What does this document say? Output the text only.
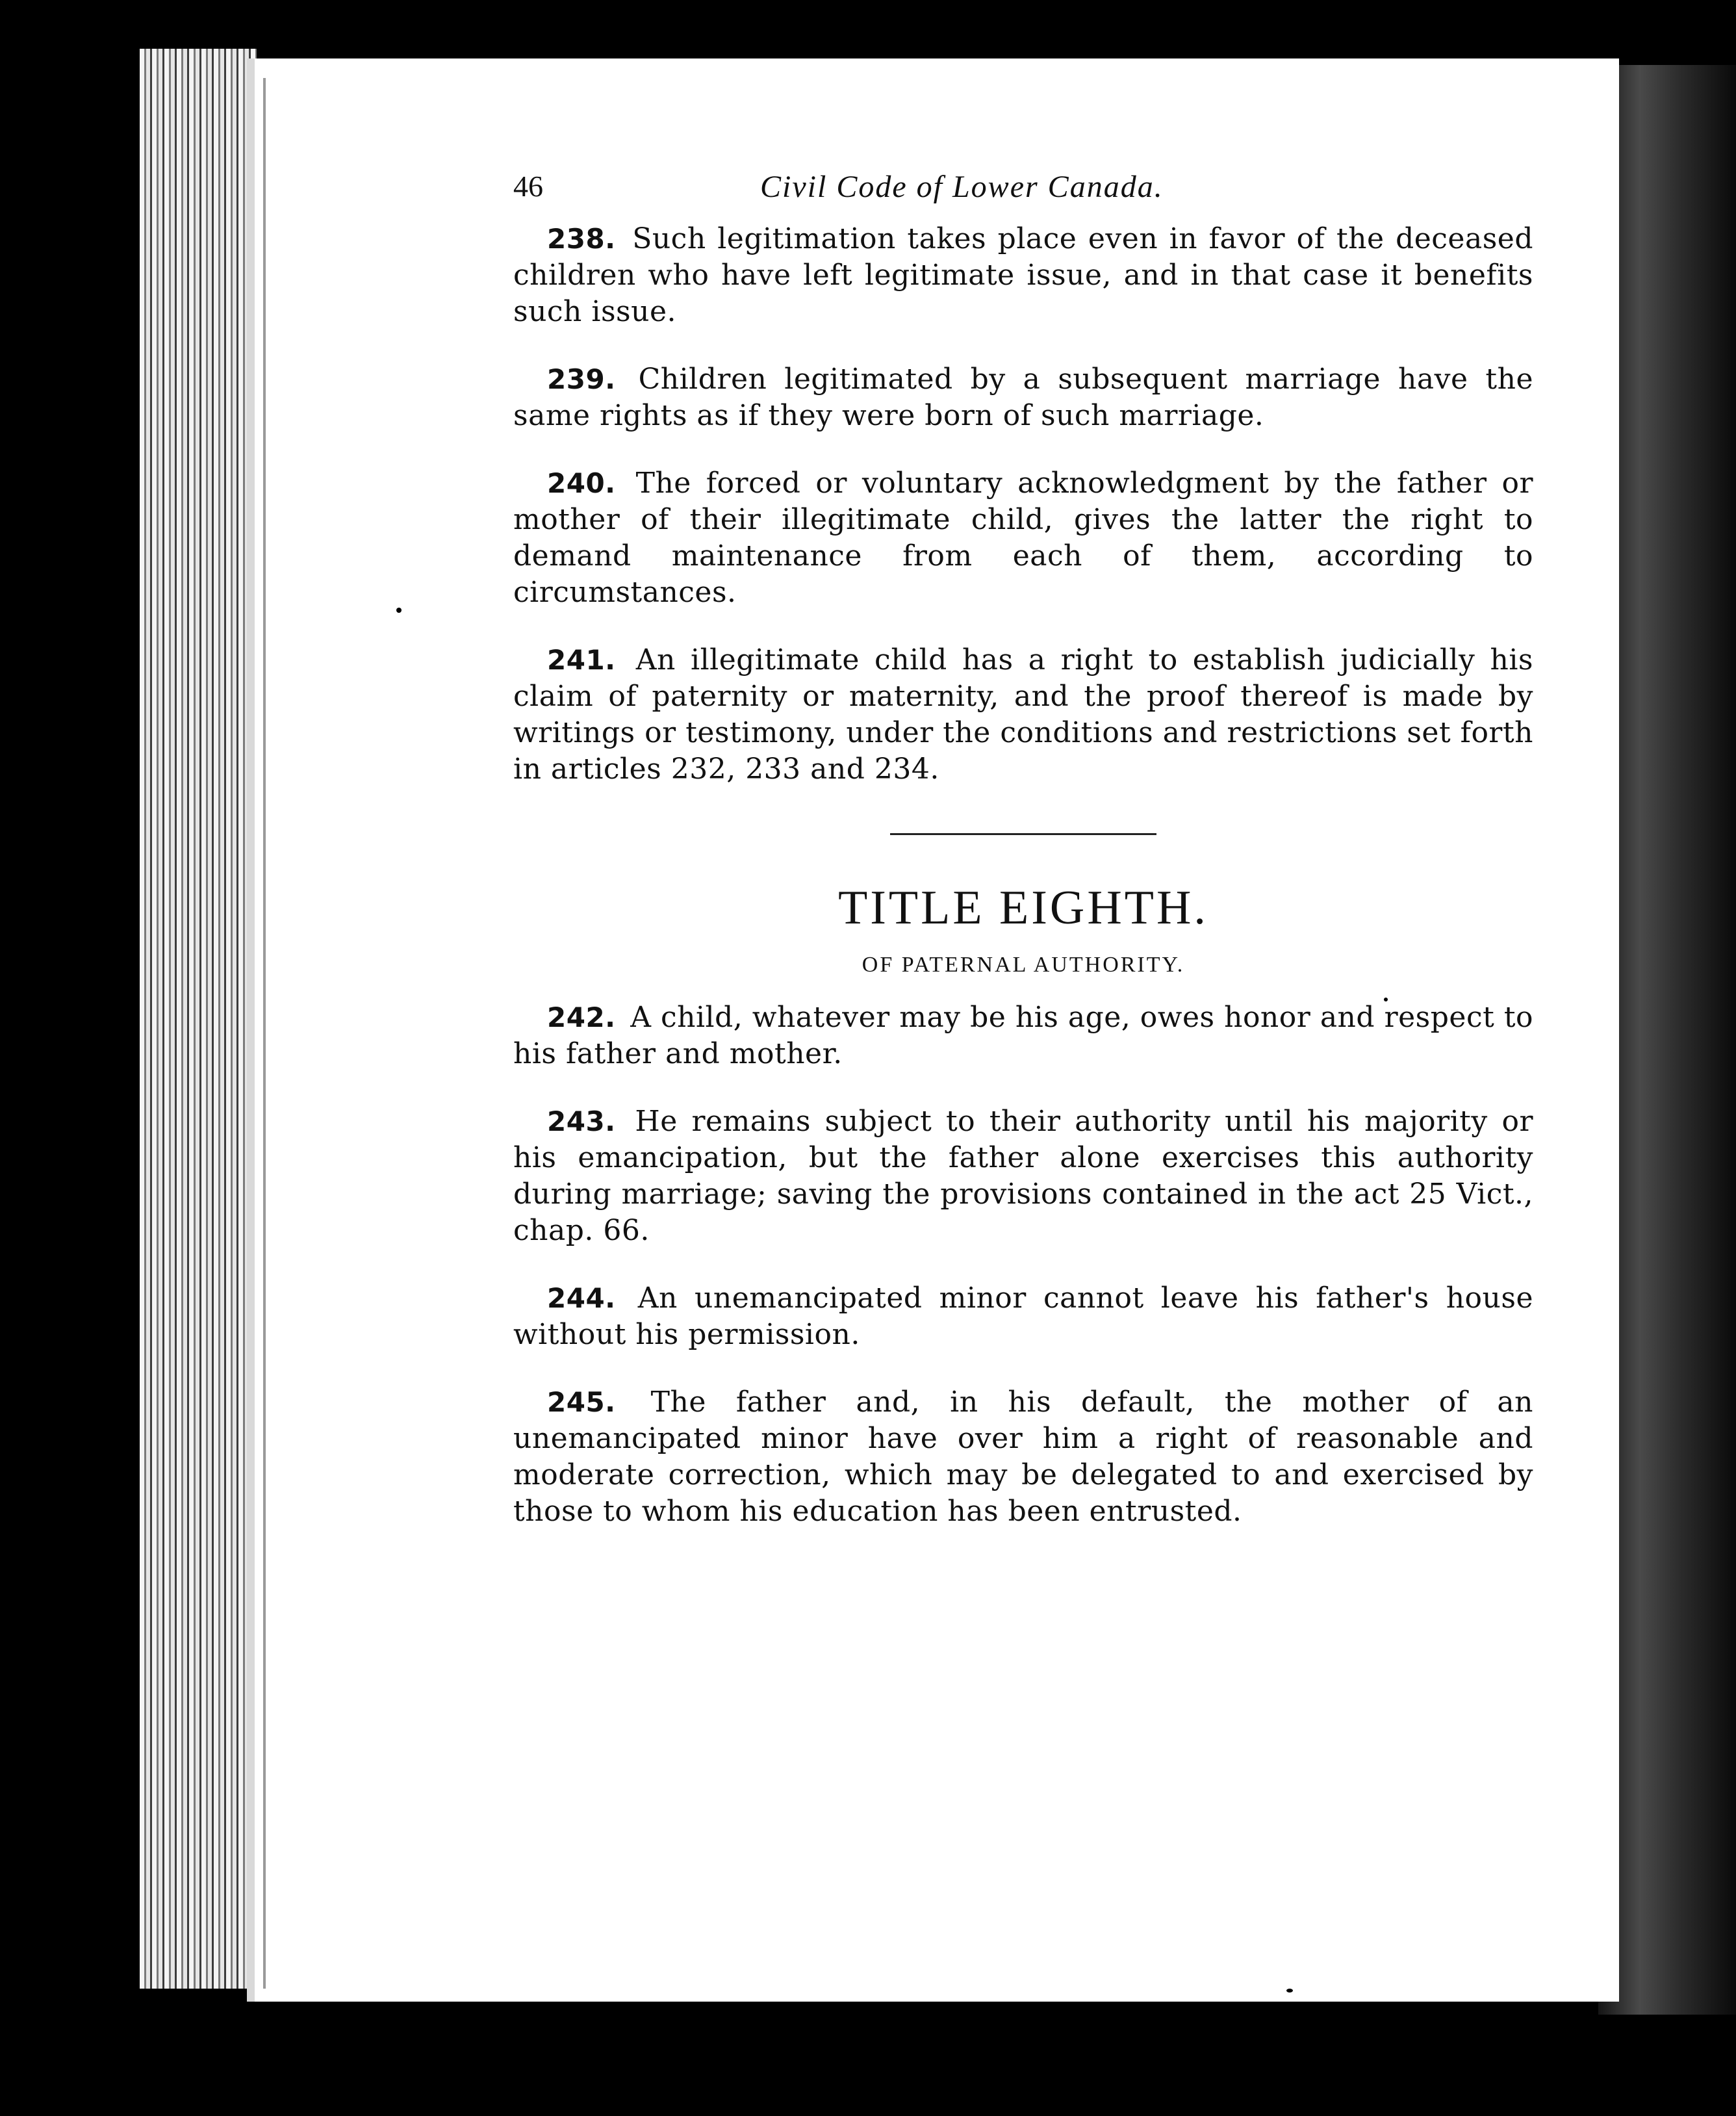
46	Civil Code of Lower Canada.

238. Such legitimation takes place even in favor of the deceased children who have left legitimate issue, and in that case it benefits such issue.

239. Children legitimated by a subsequent marriage have the same rights as if they were born of such marriage.

240. The forced or voluntary acknowledgment by the father or mother of their illegitimate child, gives the latter the right to demand maintenance from each of them, according to circumstances.

241. An illegitimate child has a right to establish judicially his claim of paternity or maternity, and the proof thereof is made by writings or testimony, under the conditions and restrictions set forth in articles 232, 233 and 234.

TITLE EIGHTH.
OF PATERNAL AUTHORITY.

242. A child, whatever may be his age, owes honor and respect to his father and mother.

243. He remains subject to their authority until his majority or his emancipation, but the father alone exercises this authority during marriage; saving the provisions contained in the act 25 Vict., chap. 66.

244. An unemancipated minor cannot leave his father's house without his permission.

245. The father and, in his default, the mother of an unemancipated minor have over him a right of reasonable and moderate correction, which may be delegated to and exercised by those to whom his education has been entrusted.
